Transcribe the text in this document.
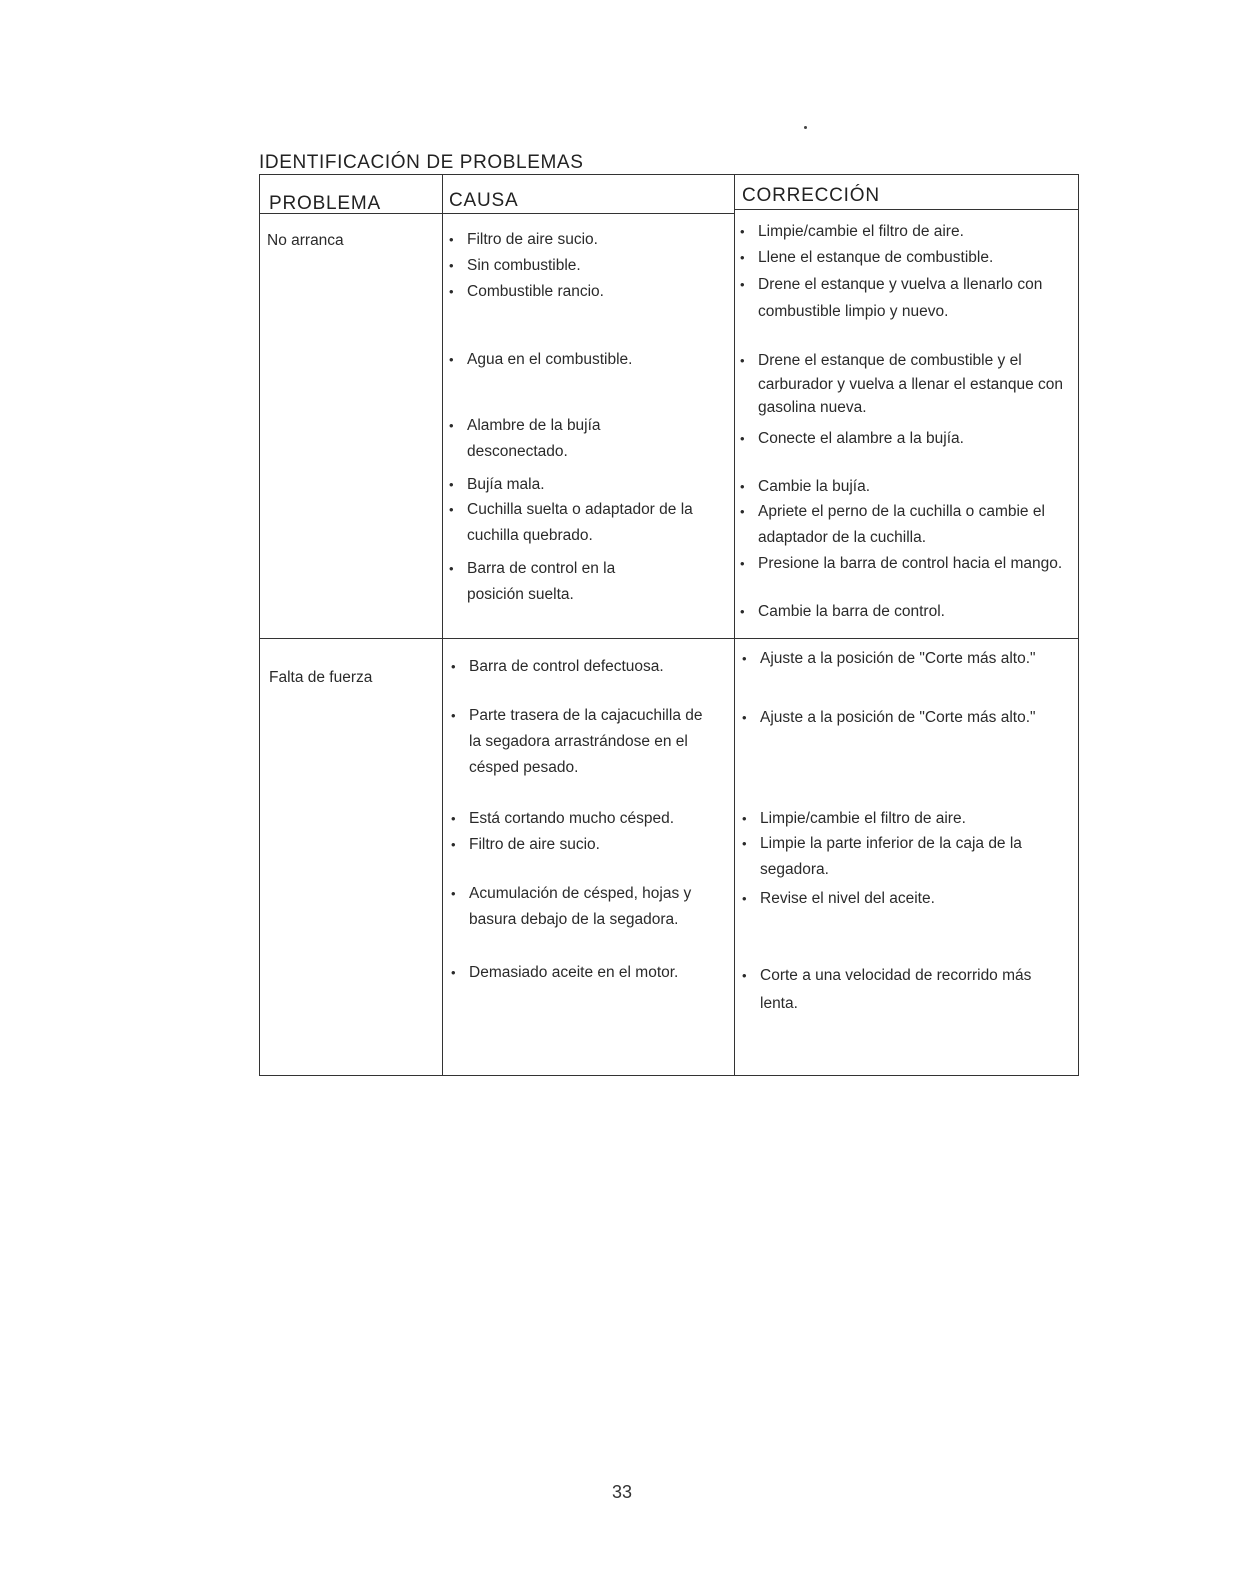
IDENTIFICACIÓN DE PROBLEMAS
PROBLEMA	CAUSA	CORRECCIÓN
No arranca
•	Filtro de aire sucio.
• Sin combustible.
• Combustible rancio.
• Agua en el combustible.
• Alambre de la bujía desconectado.
• Bujía mala.
• Cuchilla suelta o adaptador de la cuchilla quebrado.
• Barra de control en la posición suelta.
• Limpie/cambie el filtro de aire.
• Llene el estanque de combustible.
• Drene el estanque y vuelva a llenarlo con combustible limpio y nuevo.
• Drene el estanque de combustible y el carburador y vuelva a llenar el estanque con gasolina nueva.
• Conecte el alambre a la bujía.
• Cambie la bujía.
• Apriete el perno de la cuchilla o cambie el adaptador de la cuchilla.
• Presione la barra de control hacia el mango.
• Cambie la barra de control.
Falta de fuerza
• Barra de control defectuosa.
• Parte trasera de la cajacuchilla de la segadora arrastrándose en el césped pesado.
• Está cortando mucho césped.
• Filtro de aire sucio.
• Acumulación de césped, hojas y basura debajo de la segadora.
• Demasiado aceite en el motor.
• Ajuste a la posición de "Corte más alto."
• Ajuste a la posición de "Corte más alto."
• Limpie/cambie el filtro de aire.
• Limpie la parte inferior de la caja de la segadora.
• Revise el nivel del aceite.
• Corte a una velocidad de recorrido más lenta.
33
